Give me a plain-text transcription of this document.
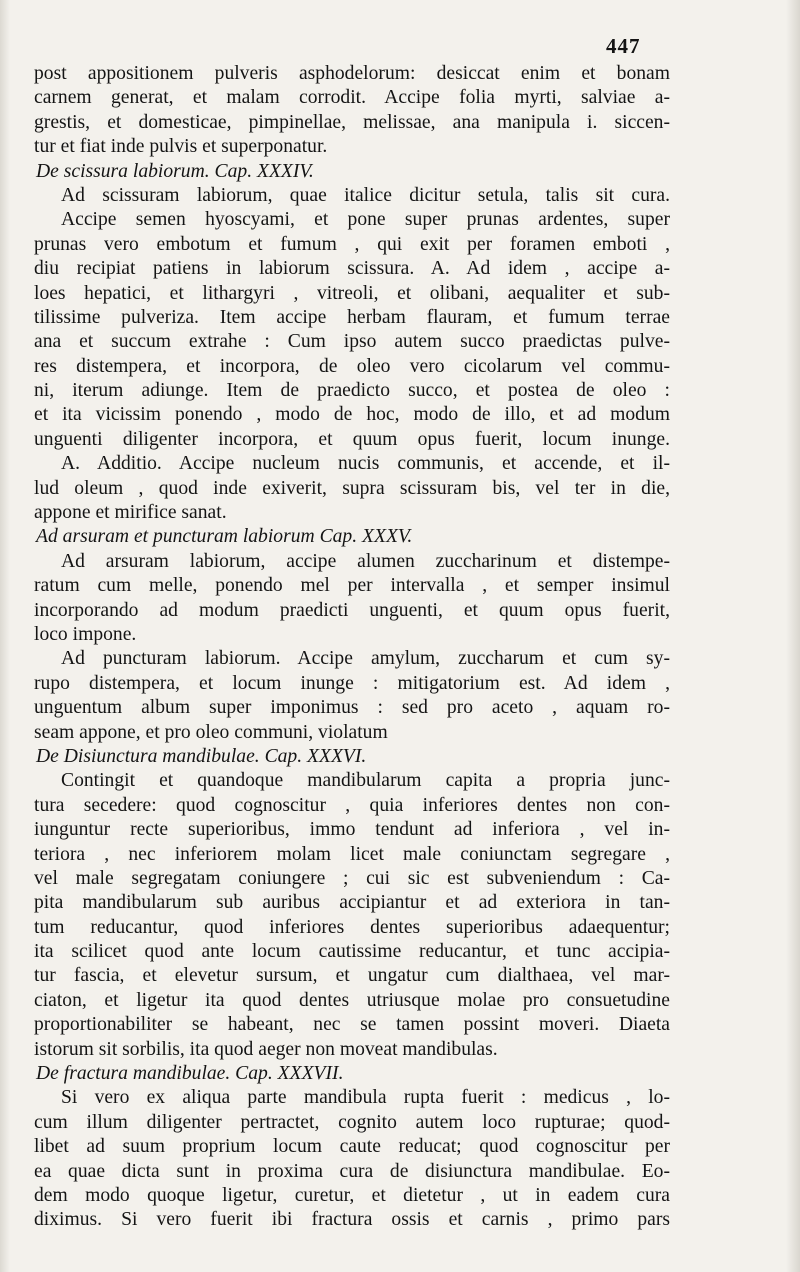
447
post appositionem pulveris asphodelorum: desiccat enim et bonam
carnem generat, et malam corrodit. Accipe folia myrti, salviae a-
grestis, et domesticae, pimpinellae, melissae, ana manipula i. siccen-
tur et fiat inde pulvis et superponatur.
De scissura labiorum. Cap. XXXIV.
Ad scissuram labiorum, quae italice dicitur setula, talis sit cura.
Accipe semen hyoscyami, et pone super prunas ardentes, super
prunas vero embotum et fumum , qui exit per foramen emboti ,
diu recipiat patiens in labiorum scissura. A. Ad idem , accipe a-
loes hepatici, et lithargyri , vitreoli, et olibani, aequaliter et sub-
tilissime pulveriza. Item accipe herbam flauram, et fumum terrae
ana et succum extrahe : Cum ipso autem succo praedictas pulve-
res distempera, et incorpora, de oleo vero cicolarum vel commu-
ni, iterum adiunge. Item de praedicto succo, et postea de oleo :
et ita vicissim ponendo , modo de hoc, modo de illo, et ad modum
unguenti diligenter incorpora, et quum opus fuerit, locum inunge.
A. Additio. Accipe nucleum nucis communis, et accende, et il-
lud oleum , quod inde exiverit, supra scissuram bis, vel ter in die,
appone et mirifice sanat.
Ad arsuram et puncturam labiorum Cap. XXXV.
Ad arsuram labiorum, accipe alumen zuccharinum et distempe-
ratum cum melle, ponendo mel per intervalla , et semper insimul
incorporando ad modum praedicti unguenti, et quum opus fuerit,
loco impone.
Ad puncturam labiorum. Accipe amylum, zuccharum et cum sy-
rupo distempera, et locum inunge : mitigatorium est. Ad idem ,
unguentum album super imponimus : sed pro aceto , aquam ro-
seam appone, et pro oleo communi, violatum
De Disiunctura mandibulae. Cap. XXXVI.
Contingit et quandoque mandibularum capita a propria junc-
tura secedere: quod cognoscitur , quia inferiores dentes non con-
iunguntur recte superioribus, immo tendunt ad inferiora , vel in-
teriora , nec inferiorem molam licet male coniunctam segregare ,
vel male segregatam coniungere ; cui sic est subveniendum : Ca-
pita mandibularum sub auribus accipiantur et ad exteriora in tan-
tum reducantur, quod inferiores dentes superioribus adaequentur;
ita scilicet quod ante locum cautissime reducantur, et tunc accipia-
tur fascia, et elevetur sursum, et ungatur cum dialthaea, vel mar-
ciaton, et ligetur ita quod dentes utriusque molae pro consuetudine
proportionabiliter se habeant, nec se tamen possint moveri. Diaeta
istorum sit sorbilis, ita quod aeger non moveat mandibulas.
De fractura mandibulae. Cap. XXXVII.
Si vero ex aliqua parte mandibula rupta fuerit : medicus , lo-
cum illum diligenter pertractet, cognito autem loco rupturae; quod-
libet ad suum proprium locum caute reducat; quod cognoscitur per
ea quae dicta sunt in proxima cura de disiunctura mandibulae. Eo-
dem modo quoque ligetur, curetur, et dietetur , ut in eadem cura
diximus. Si vero fuerit ibi fractura ossis et carnis , primo pars
